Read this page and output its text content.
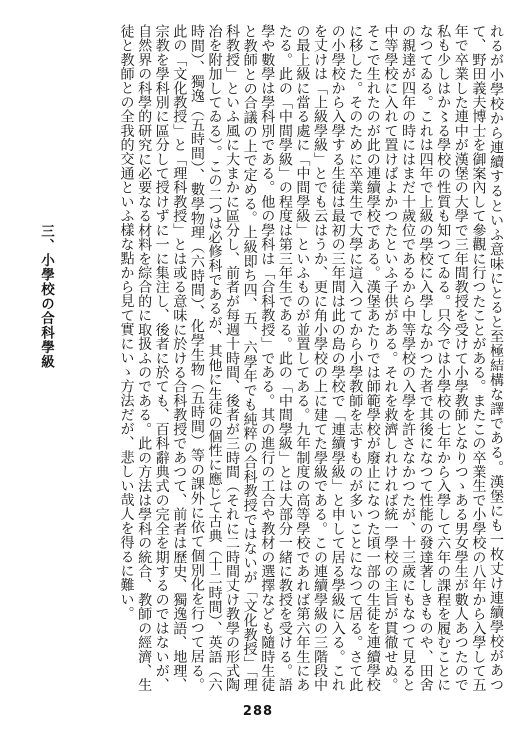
れるが小學校から連續するといふ意味にとると至極結構な譯である。漢堡にも一枚丈け連續學校があつて、野田義夫博士を御案內して參觀に行つたことがある。またこの卒業生で小學校の八年から入學して五年で卒業した連中が漢堡の大學で三年間教授を受けて小學教師となりつゝある男女學生が數人あつたので私も少しはか〻る學校の性質も知つてゐる。只今では小學校の七年から入學して六年の課程を履むことになつてゐる。これは四年で上級の學校に入學しなかつた者で其後になつて性能の發達著しきものや、田舍の親達が四年の時にはまだ十歲位であるから中等學校の入學を許さなかつたが、十三歲にもなつて見ると中等學校に入れて置けばよかつたといふ子供がある。それを救濟しれければ統一學校の主旨が貫徹せぬ。そこで生れたのが此の連續學校である。漢堡あたりでは師範學校が廢止になつた頃一部の生徒を連續學校に移した。そのために卒業生で大學に這入つてから小學教師を志すものが多いことになつて居る。さて此の小學校から入學する生徒は最初の三年間は此の島の學校で「連續學級」と申して居る學級に入る。これを丈けは「上級學級」とでも云はうか、更に角小學校の上に建てた學級である。この連續學級の三階段中の最上級に當る處に「中間學級」といふものが並置してある。九年制度の高等學校であれば第六年生にあたる。此の「中間學級」の程度は第三年生である。此の「中間學級」とは大部分一緒に教授を受ける。語學や數學は學科別である。他の學科は「合科教授」である。其の進行の工合や教材の選擇なども隨時生徒と教師との合議の上で定める。上級即ち四、五、六學年でも純粹の合科教授ではないが「文化教授」「理科教授」といふ風に大まかに區分し、前者が每週十時間、後者が三時間（それに二時間丈け教學の形式陶冶を附加してゐる）。この二つは必修科であるが、其他に生徒の個性に應じて古典（十二時間）、英語（六時間）、獨逸（五時間）、數學物理（六時間）、化學生物（五時間）等の課外に依て個別化を行つて居る。此の「文化教授」と「理科教授」とは或る意味に於ける合科教授であつて、前者は歷史、獨逸語、地理、宗教を學科別に區分して授けずに一に集注し、後者に於ても、百科辭典式の完全を期するのではないが、自然界の科學的研究に必要なる材料を綜合的に取扱ふのである。此の方法は學科の統合、教師の經濟、生徒と教師との全我的交通といふ樣な點から見て實にいゝ方法だが、悲しい哉人を得るに難い。

三、小學校の合科學級
288
